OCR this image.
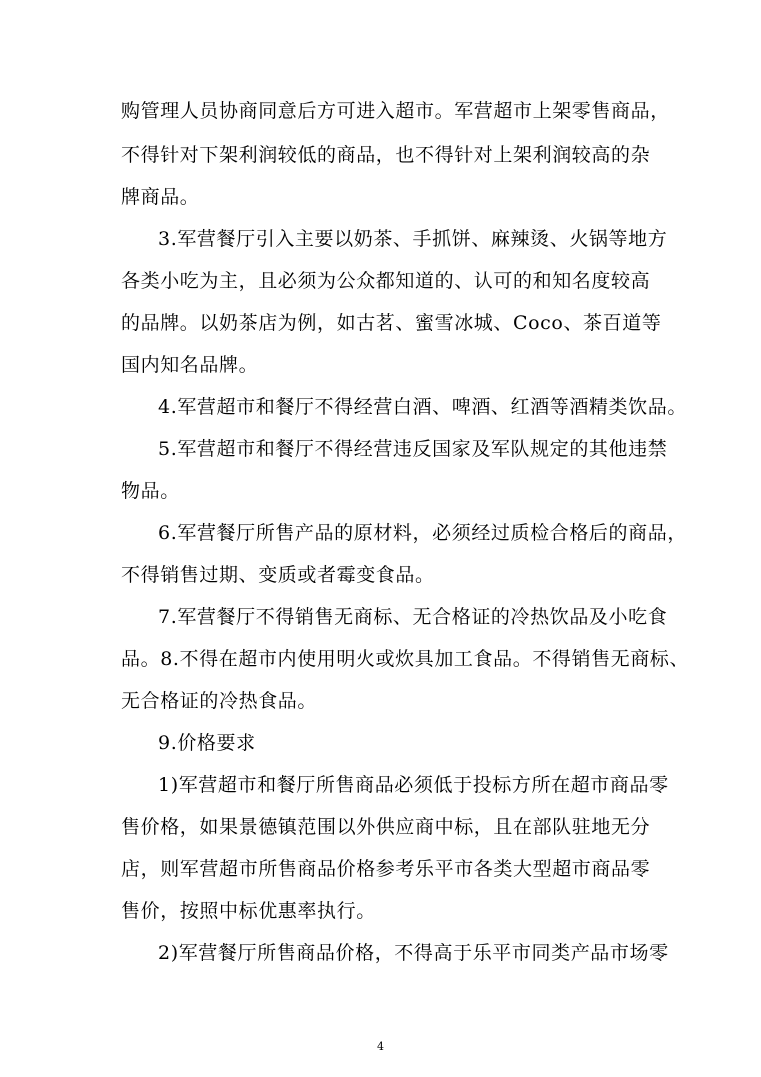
购管理人员协商同意后方可进入超市。军营超市上架零售商品，
不得针对下架利润较低的商品，也不得针对上架利润较高的杂
牌商品。
3.军营餐厅引入主要以奶茶、手抓饼、麻辣烫、火锅等地方
各类小吃为主，且必须为公众都知道的、认可的和知名度较高
的品牌。以奶茶店为例，如古茗、蜜雪冰城、Coco、茶百道等
国内知名品牌。
4.军营超市和餐厅不得经营白酒、啤酒、红酒等酒精类饮品。
5.军营超市和餐厅不得经营违反国家及军队规定的其他违禁
物品。
6.军营餐厅所售产品的原材料，必须经过质检合格后的商品，
不得销售过期、变质或者霉变食品。
7.军营餐厅不得销售无商标、无合格证的冷热饮品及小吃食
品。8.不得在超市内使用明火或炊具加工食品。不得销售无商标、
无合格证的冷热食品。
9.价格要求
1)军营超市和餐厅所售商品必须低于投标方所在超市商品零
售价格，如果景德镇范围以外供应商中标，且在部队驻地无分
店，则军营超市所售商品价格参考乐平市各类大型超市商品零
售价，按照中标优惠率执行。
2)军营餐厅所售商品价格，不得高于乐平市同类产品市场零
4
